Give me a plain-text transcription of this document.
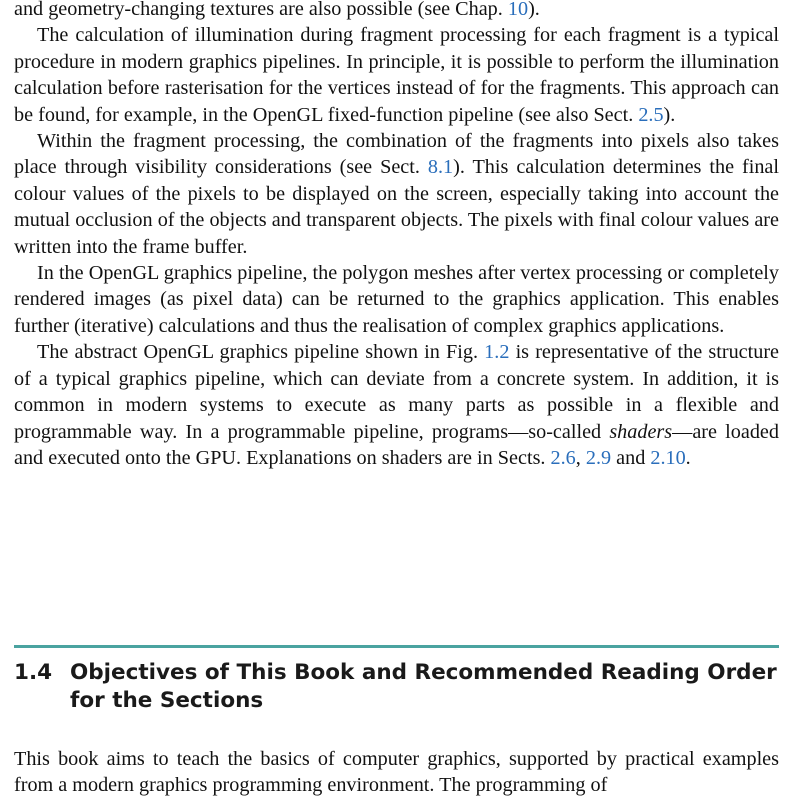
and geometry-changing textures are also possible (see Chap. 10).

The calculation of illumination during fragment processing for each fragment is a typical procedure in modern graphics pipelines. In principle, it is possible to perform the illumination calculation before rasterisation for the vertices instead of for the fragments. This approach can be found, for example, in the OpenGL fixed-function pipeline (see also Sect. 2.5).

Within the fragment processing, the combination of the fragments into pixels also takes place through visibility considerations (see Sect. 8.1). This calculation determines the final colour values of the pixels to be displayed on the screen, especially taking into account the mutual occlusion of the objects and transparent objects. The pixels with final colour values are written into the frame buffer.

In the OpenGL graphics pipeline, the polygon meshes after vertex processing or completely rendered images (as pixel data) can be returned to the graphics application. This enables further (iterative) calculations and thus the realisation of complex graphics applications.

The abstract OpenGL graphics pipeline shown in Fig. 1.2 is representative of the structure of a typical graphics pipeline, which can deviate from a concrete system. In addition, it is common in modern systems to execute as many parts as possible in a flexible and programmable way. In a programmable pipeline, programs—so-called shaders—are loaded and executed onto the GPU. Explanations on shaders are in Sects. 2.6, 2.9 and 2.10.

1.4 Objectives of This Book and Recommended Reading Order for the Sections

This book aims to teach the basics of computer graphics, supported by practical examples from a modern graphics programming environment. The programming of
